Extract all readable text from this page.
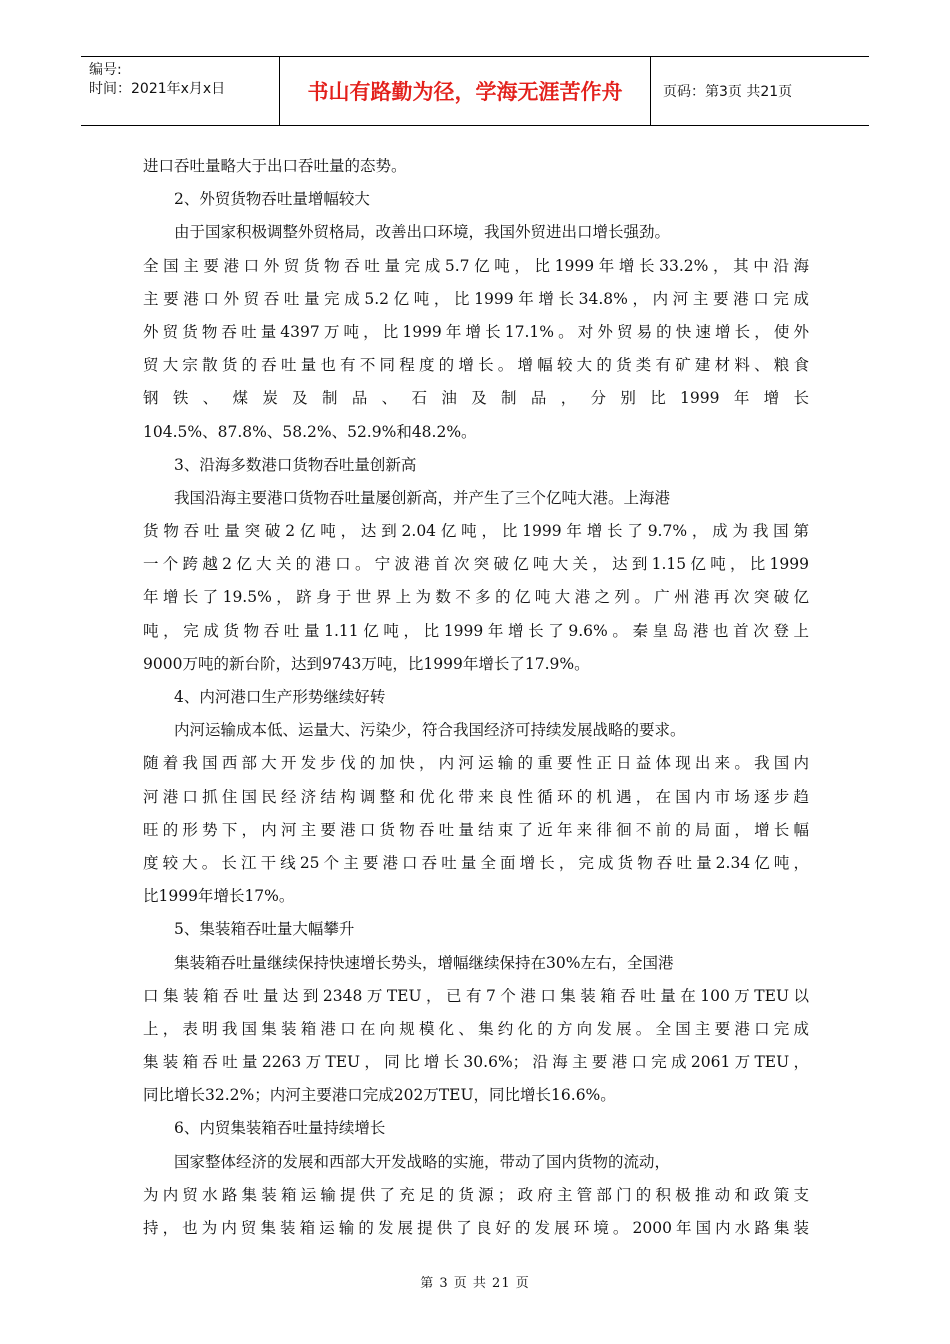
编号:
时间：2021年x月x日	书山有路勤为径，学海无涯苦作舟	页码：第3页 共21页
进口吞吐量略大于出口吞吐量的态势。
2、外贸货物吞吐量增幅较大
由于国家积极调整外贸格局，改善出口环境，我国外贸进出口增长强劲。
全国主要港口外贸货物吞吐量完成5.7亿吨，比1999年增长33.2%，其中沿海
主要港口外贸吞吐量完成5.2亿吨，比1999年增长34.8%，内河主要港口完成
外贸货物吞吐量4397万吨，比1999年增长17.1%。对外贸易的快速增长，使外
贸大宗散货的吞吐量也有不同程度的增长。增幅较大的货类有矿建材料、粮食
钢铁、煤炭及制品、石油及制品，分别比1999年增长
104.5%、87.8%、58.2%、52.9%和48.2%。
3、沿海多数港口货物吞吐量创新高
我国沿海主要港口货物吞吐量屡创新高，并产生了三个亿吨大港。上海港
货物吞吐量突破2亿吨，达到2.04亿吨，比1999年增长了9.7%，成为我国第
一个跨越2亿大关的港口。宁波港首次突破亿吨大关，达到1.15亿吨，比1999
年增长了19.5%，跻身于世界上为数不多的亿吨大港之列。广州港再次突破亿
吨，完成货物吞吐量1.11亿吨，比1999年增长了9.6%。秦皇岛港也首次登上
9000万吨的新台阶，达到9743万吨，比1999年增长了17.9%。
4、内河港口生产形势继续好转
内河运输成本低、运量大、污染少，符合我国经济可持续发展战略的要求。
随着我国西部大开发步伐的加快，内河运输的重要性正日益体现出来。我国内
河港口抓住国民经济结构调整和优化带来良性循环的机遇，在国内市场逐步趋
旺的形势下，内河主要港口货物吞吐量结束了近年来徘徊不前的局面，增长幅
度较大。长江干线25个主要港口吞吐量全面增长，完成货物吞吐量2.34亿吨，
比1999年增长17%。
5、集装箱吞吐量大幅攀升
集装箱吞吐量继续保持快速增长势头，增幅继续保持在30%左右，全国港
口集装箱吞吐量达到2348万TEU，已有7个港口集装箱吞吐量在100万TEU以
上，表明我国集装箱港口在向规模化、集约化的方向发展。全国主要港口完成
集装箱吞吐量2263万TEU，同比增长30.6%；沿海主要港口完成2061万TEU，
同比增长32.2%；内河主要港口完成202万TEU，同比增长16.6%。
6、内贸集装箱吞吐量持续增长
国家整体经济的发展和西部大开发战略的实施，带动了国内货物的流动，
为内贸水路集装箱运输提供了充足的货源；政府主管部门的积极推动和政策支
持，也为内贸集装箱运输的发展提供了良好的发展环境。2000年国内水路集装
第 3 页 共 21 页
